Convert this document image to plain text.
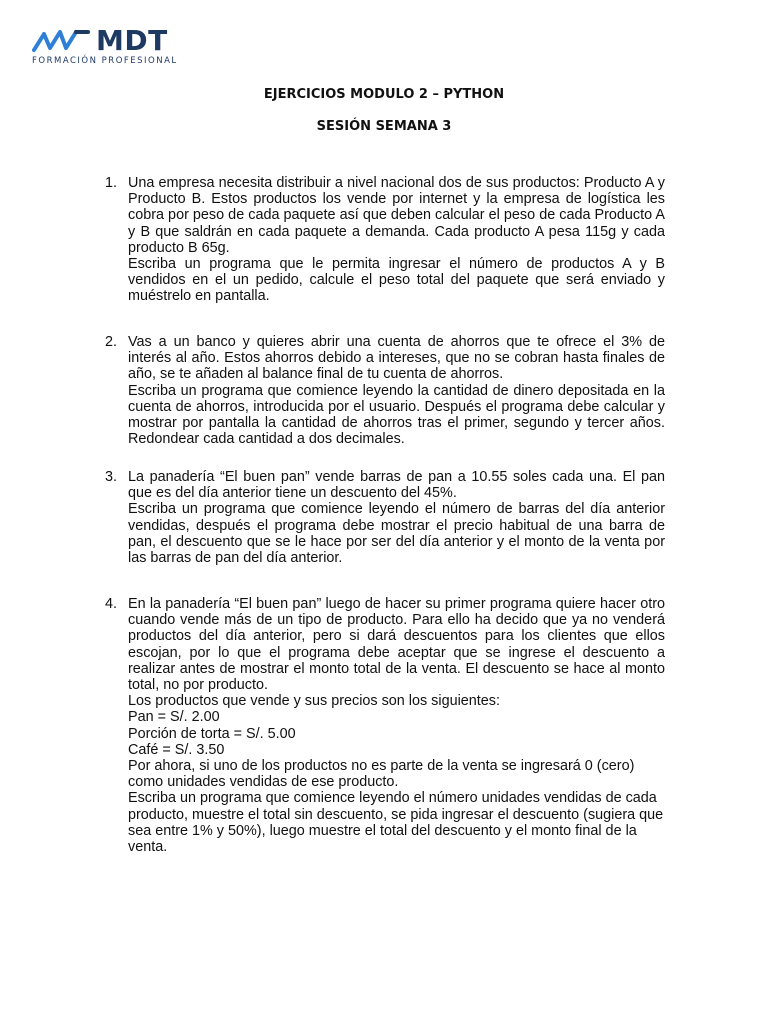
MDT
FORMACIÓN PROFESIONAL
EJERCICIOS MODULO 2 – PYTHON
SESIÓN SEMANA 3
1. Una empresa necesita distribuir a nivel nacional dos de sus productos: Producto A y Producto B. Estos productos los vende por internet y la empresa de logística les cobra por peso de cada paquete así que deben calcular el peso de cada Producto A y B que saldrán en cada paquete a demanda. Cada producto A pesa 115g y cada producto B 65g.

Escriba un programa que le permita ingresar el número de productos A y B vendidos en el un pedido, calcule el peso total del paquete que será enviado y muéstrelo en pantalla.

2. Vas a un banco y quieres abrir una cuenta de ahorros que te ofrece el 3% de interés al año. Estos ahorros debido a intereses, que no se cobran hasta finales de año, se te añaden al balance final de tu cuenta de ahorros.

Escriba un programa que comience leyendo la cantidad de dinero depositada en la cuenta de ahorros, introducida por el usuario. Después el programa debe calcular y mostrar por pantalla la cantidad de ahorros tras el primer, segundo y tercer años. Redondear cada cantidad a dos decimales.

3. La panadería “El buen pan” vende barras de pan a 10.55 soles cada una. El pan que es del día anterior tiene un descuento del 45%.

Escriba un programa que comience leyendo el número de barras del día anterior vendidas, después el programa debe mostrar el precio habitual de una barra de pan, el descuento que se le hace por ser del día anterior y el monto de la venta por las barras de pan del día anterior.

4. En la panadería “El buen pan” luego de hacer su primer programa quiere hacer otro cuando vende más de un tipo de producto. Para ello ha decido que ya no venderá productos del día anterior, pero si dará descuentos para los clientes que ellos escojan, por lo que el programa debe aceptar que se ingrese el descuento a realizar antes de mostrar el monto total de la venta. El descuento se hace al monto total, no por producto.

Los productos que vende y sus precios son los siguientes:

Pan = S/. 2.00

Porción de torta = S/. 5.00

Café = S/. 3.50

Por ahora, si uno de los productos no es parte de la venta se ingresará 0 (cero) como unidades vendidas de ese producto.

Escriba un programa que comience leyendo el número unidades vendidas de cada producto, muestre el total sin descuento, se pida ingresar el descuento (sugiera que sea entre 1% y 50%), luego muestre el total del descuento y el monto final de la venta.
